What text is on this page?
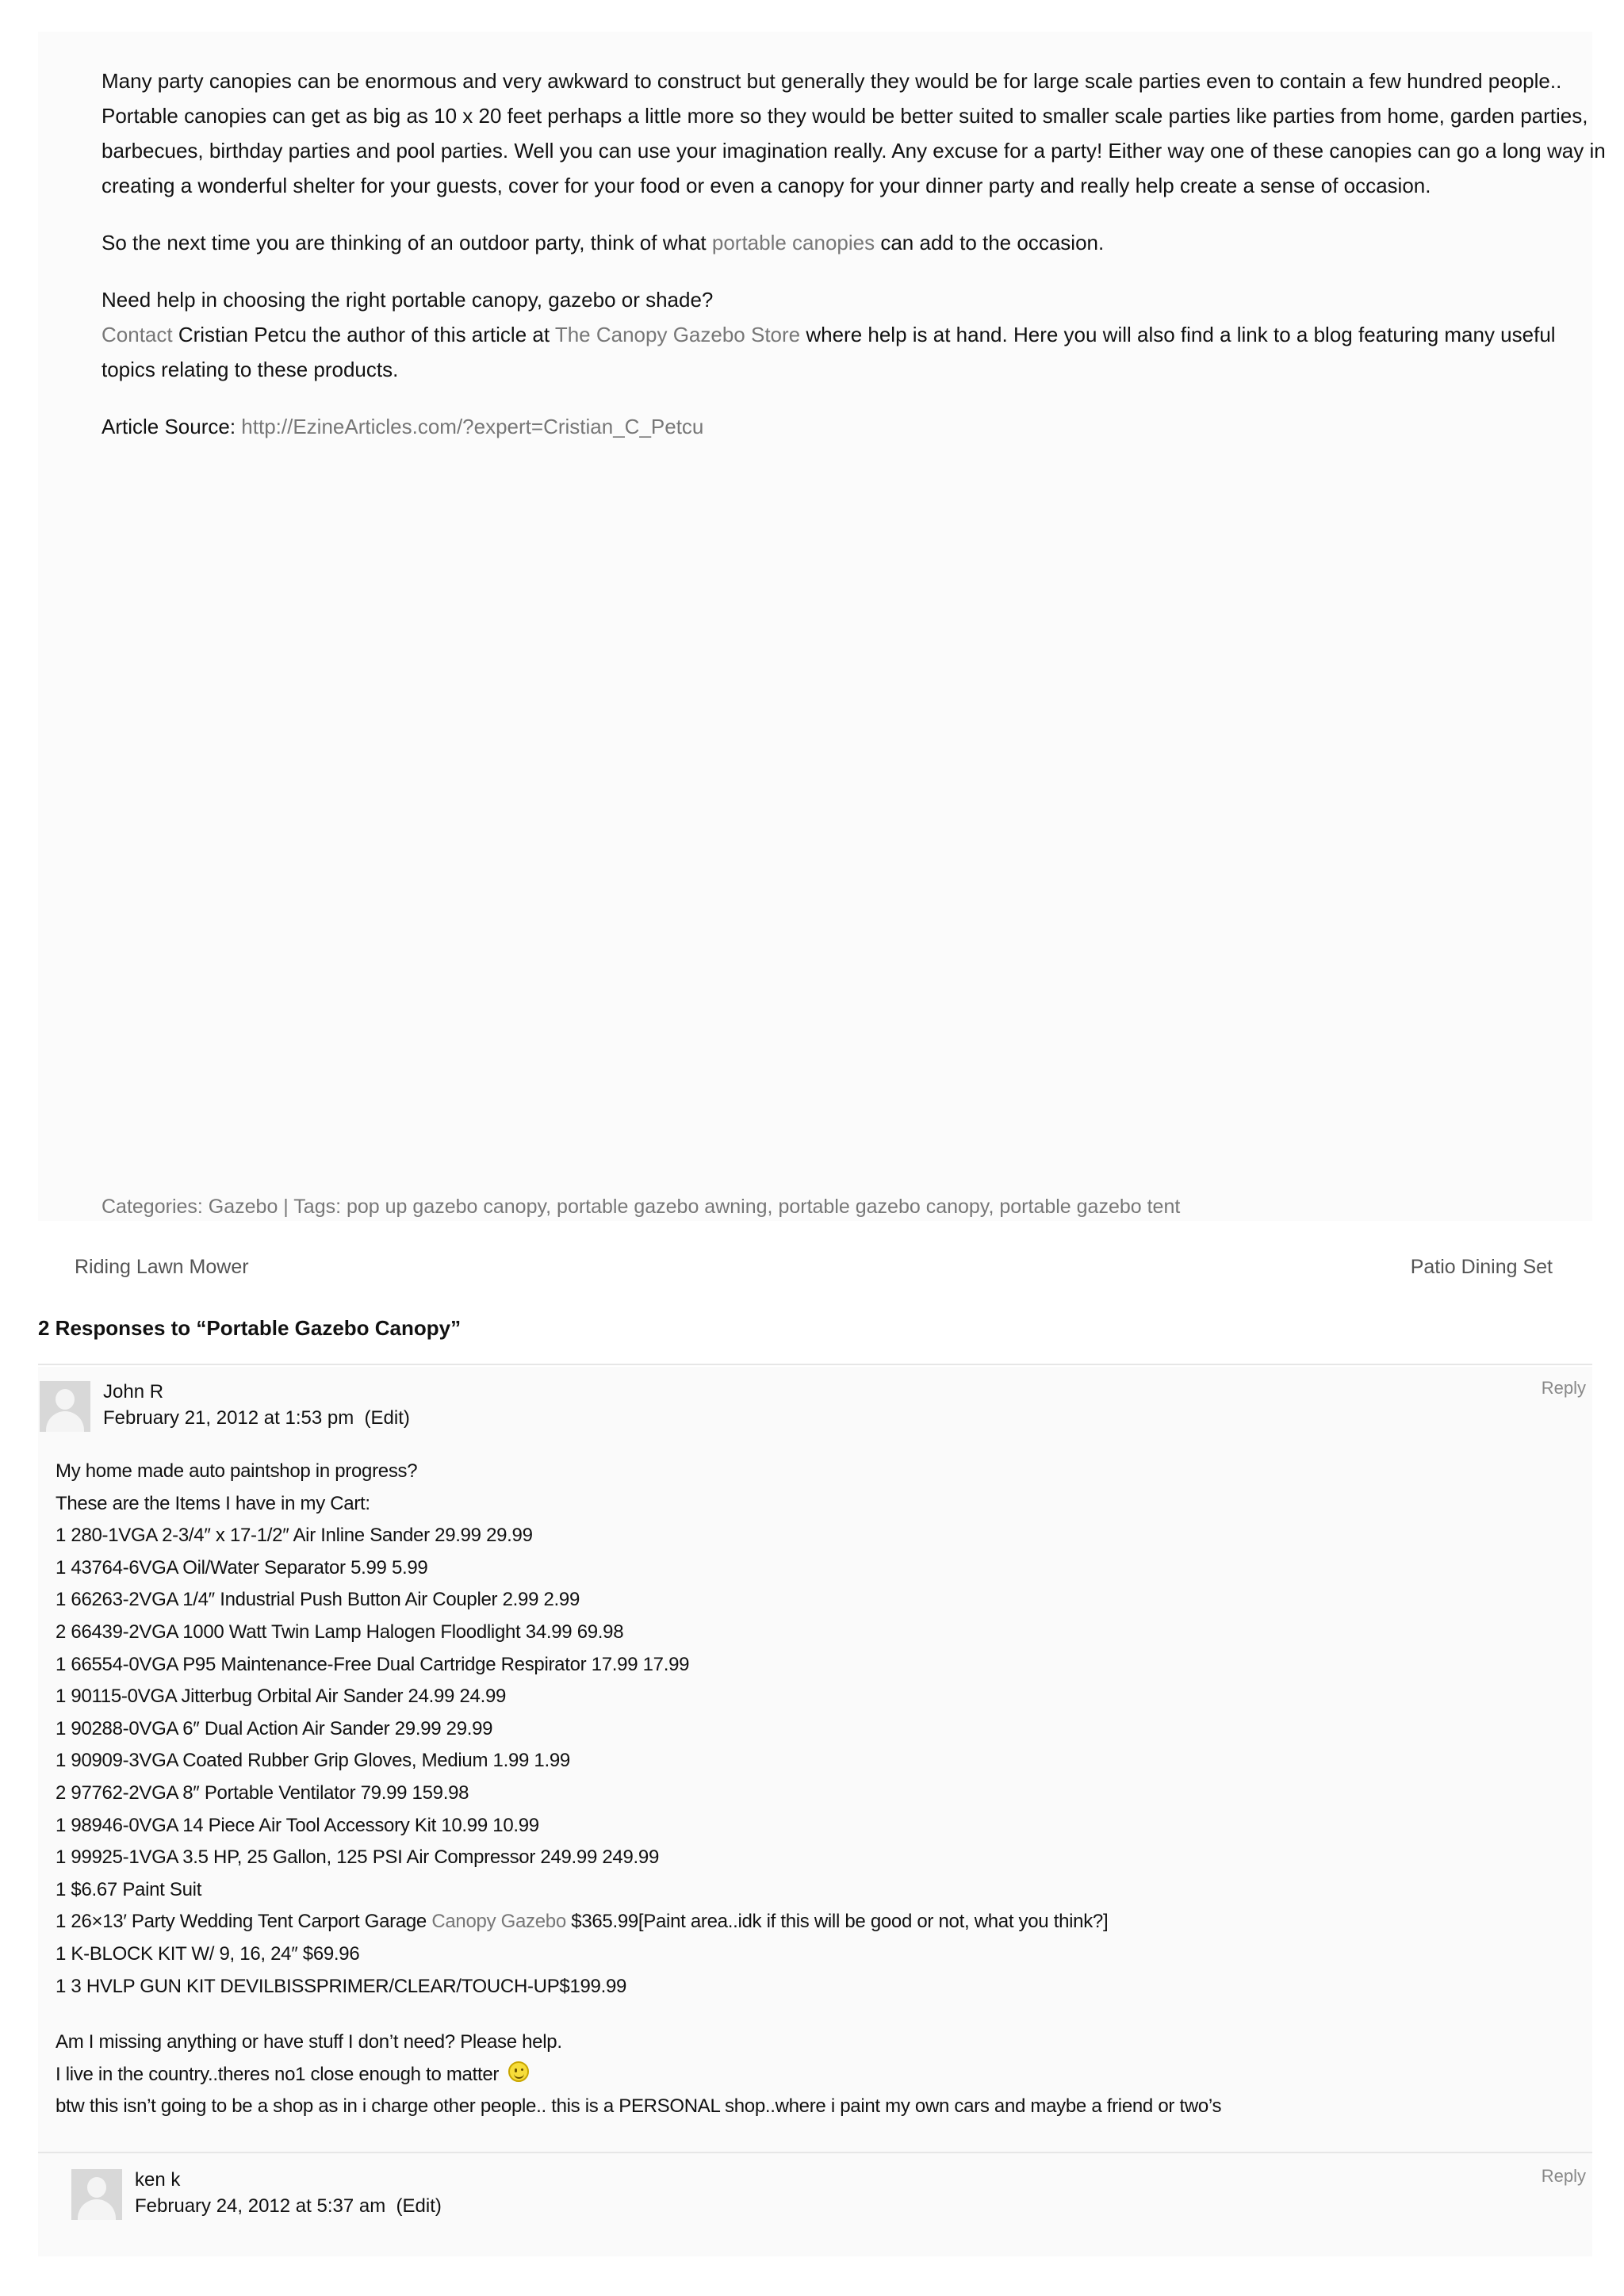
Many party canopies can be enormous and very awkward to construct but generally they would be for large scale parties even to contain a few hundred people.. Portable canopies can get as big as 10 x 20 feet perhaps a little more so they would be better suited to smaller scale parties like parties from home, garden parties, barbecues, birthday parties and pool parties. Well you can use your imagination really. Any excuse for a party! Either way one of these canopies can go a long way in creating a wonderful shelter for your guests, cover for your food or even a canopy for your dinner party and really help create a sense of occasion.

So the next time you are thinking of an outdoor party, think of what portable canopies can add to the occasion.

Need help in choosing the right portable canopy, gazebo or shade?
Contact Cristian Petcu the author of this article at The Canopy Gazebo Store where help is at hand. Here you will also find a link to a blog featuring many useful topics relating to these products.

Article Source: http://EzineArticles.com/?expert=Cristian_C_Petcu

Categories: Gazebo | Tags: pop up gazebo canopy, portable gazebo awning, portable gazebo canopy, portable gazebo tent
Riding Lawn Mower	Patio Dining Set
2 Responses to “Portable Gazebo Canopy”
John R
February 21, 2012 at 1:53 pm (Edit)
Reply
My home made auto paintshop in progress?
These are the Items I have in my Cart:
1 280-1VGA 2-3/4″ x 17-1/2″ Air Inline Sander 29.99 29.99
1 43764-6VGA Oil/Water Separator 5.99 5.99
1 66263-2VGA 1/4″ Industrial Push Button Air Coupler 2.99 2.99
2 66439-2VGA 1000 Watt Twin Lamp Halogen Floodlight 34.99 69.98
1 66554-0VGA P95 Maintenance-Free Dual Cartridge Respirator 17.99 17.99
1 90115-0VGA Jitterbug Orbital Air Sander 24.99 24.99
1 90288-0VGA 6″ Dual Action Air Sander 29.99 29.99
1 90909-3VGA Coated Rubber Grip Gloves, Medium 1.99 1.99
2 97762-2VGA 8″ Portable Ventilator 79.99 159.98
1 98946-0VGA 14 Piece Air Tool Accessory Kit 10.99 10.99
1 99925-1VGA 3.5 HP, 25 Gallon, 125 PSI Air Compressor 249.99 249.99
1 $6.67 Paint Suit
1 26×13′ Party Wedding Tent Carport Garage Canopy Gazebo $365.99[Paint area..idk if this will be good or not, what you think?]
1 K-BLOCK KIT W/ 9, 16, 24″ $69.96
1 3 HVLP GUN KIT DEVILBISSPRIMER/CLEAR/TOUCH-UP$199.99
Am I missing anything or have stuff I don’t need? Please help.
I live in the country..theres no1 close enough to matter
btw this isn’t going to be a shop as in i charge other people.. this is a PERSONAL shop..where i paint my own cars and maybe a friend or two’s
ken k
February 24, 2012 at 5:37 am (Edit)
Reply
